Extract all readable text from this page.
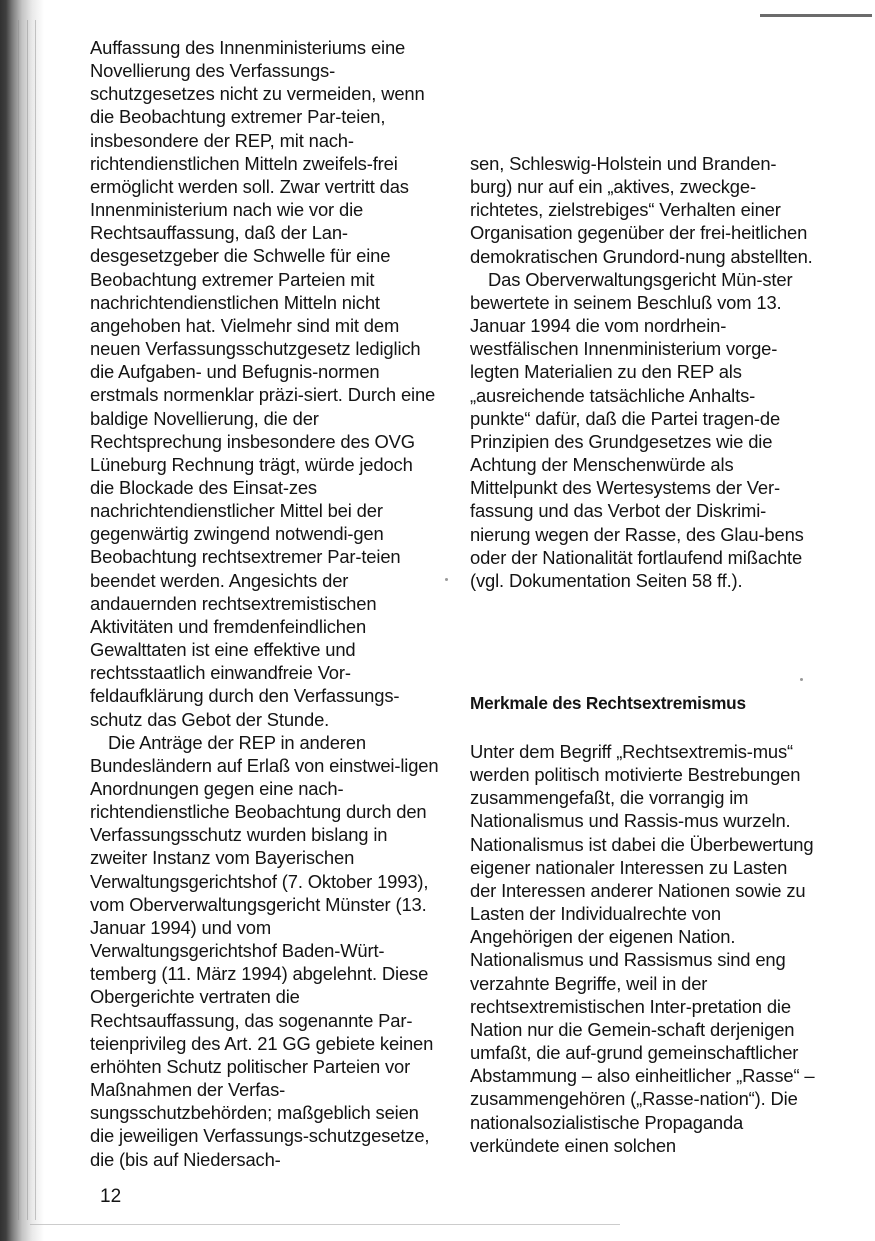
Auffassung des Innenministeriums eine Novellierung des Verfassungs-schutzgesetzes nicht zu vermeiden, wenn die Beobachtung extremer Par-teien, insbesondere der REP, mit nach-richtendienstlichen Mitteln zweifels-frei ermöglicht werden soll. Zwar vertritt das Innenministerium nach wie vor die Rechtsauffassung, daß der Lan-desgesetzgeber die Schwelle für eine Beobachtung extremer Parteien mit nachrichtendienstlichen Mitteln nicht angehoben hat. Vielmehr sind mit dem neuen Verfassungsschutzgesetz lediglich die Aufgaben- und Befugnis-normen erstmals normenklar präzi-siert. Durch eine baldige Novellierung, die der Rechtsprechung insbesondere des OVG Lüneburg Rechnung trägt, würde jedoch die Blockade des Einsat-zes nachrichtendienstlicher Mittel bei der gegenwärtig zwingend notwendi-gen Beobachtung rechtsextremer Par-teien beendet werden. Angesichts der andauernden rechtsextremistischen Aktivitäten und fremdenfeindlichen Gewalttaten ist eine effektive und rechtsstaatlich einwandfreie Vor-feldaufklärung durch den Verfassungs-schutz das Gebot der Stunde.

Die Anträge der REP in anderen Bundesländern auf Erlaß von einstwei-ligen Anordnungen gegen eine nach-richtendienstliche Beobachtung durch den Verfassungsschutz wurden bislang in zweiter Instanz vom Bayerischen Verwaltungsgerichtshof (7. Oktober 1993), vom Oberverwaltungsgericht Münster (13. Januar 1994) und vom Verwaltungsgerichtshof Baden-Würt-temberg (11. März 1994) abgelehnt. Diese Obergerichte vertraten die Rechtsauffassung, das sogenannte Par-teienprivileg des Art. 21 GG gebiete keinen erhöhten Schutz politischer Parteien vor Maßnahmen der Verfas-sungsschutzbehörden; maßgeblich seien die jeweiligen Verfassungs-schutzgesetze, die (bis auf Niedersach-

sen, Schleswig-Holstein und Branden-burg) nur auf ein „aktives, zweckge-richtetes, zielstrebiges“ Verhalten einer Organisation gegenüber der frei-heitlichen demokratischen Grundord-nung abstellten.

Das Oberverwaltungsgericht Mün-ster bewertete in seinem Beschluß vom 13. Januar 1994 die vom nordrhein-westfälischen Innenministerium vorge-legten Materialien zu den REP als „ausreichende tatsächliche Anhalts-punkte“ dafür, daß die Partei tragen-de Prinzipien des Grundgesetzes wie die Achtung der Menschenwürde als Mittelpunkt des Wertesystems der Ver-fassung und das Verbot der Diskrimi-nierung wegen der Rasse, des Glau-bens oder der Nationalität fortlaufend mißachte (vgl. Dokumentation Seiten 58 ff.).

Merkmale des Rechtsextremismus

Unter dem Begriff „Rechtsextremis-mus“ werden politisch motivierte Bestrebungen zusammengefaßt, die vorrangig im Nationalismus und Rassis-mus wurzeln. Nationalismus ist dabei die Überbewertung eigener nationaler Interessen zu Lasten der Interessen anderer Nationen sowie zu Lasten der Individualrechte von Angehörigen der eigenen Nation. Nationalismus und Rassismus sind eng verzahnte Begriffe, weil in der rechtsextremistischen Inter-pretation die Nation nur die Gemein-schaft derjenigen umfaßt, die auf-grund gemeinschaftlicher Abstammung – also einheitlicher „Rasse“ – zusammengehören („Rasse-nation“). Die nationalsozialistische Propaganda verkündete einen solchen

12
